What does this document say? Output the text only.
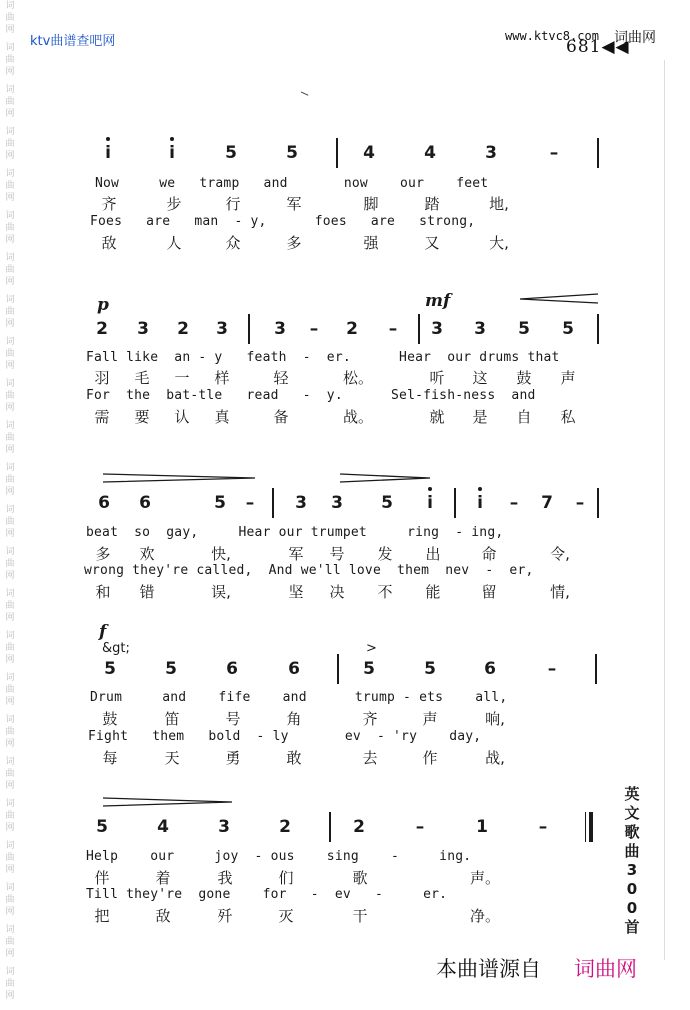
词
曲
网
词
曲
网
词
曲
网
词
曲
网
词
曲
网
词
曲
网
词
曲
网
词
曲
网
词
曲
网
词
曲
网
词
曲
网
词
曲
网
词
曲
网
词
曲
网
词
曲
网
词
曲
网
词
曲
网
词
曲
网
词
曲
网
词
曲
网
词
曲
网
词
曲
网
词
曲
网
词
曲
网
ktv曲谱查吧网	www.ktvc8.com 词曲网
681◀◀
i	i	5	5	4	4	3	–
Now     we   tramp   and       now    our    feet
齐	步	行	军	脚	踏	地,
Foes   are   man  - y,      foes   are   strong,
敌	人	众	多	强	又	大,
p	mf
2	3	2	3	3	–	2	–	3	3	5	5
Fall like  an - y   feath  -  er.      Hear  our drums that
羽	毛	一	样	轻	松。	听	这	鼓	声
For  the  bat-tle   read   -  y.      Sel-fish-ness  and
需	要	认	真	备	战。	就	是	自	私
6	6	5	–	3	3	5	i	i	–	7	–
beat  so  gay,     Hear our trumpet     ring  - ing,
多	欢	快,	军	号	发	出	命	令,
wrong they're called,  And we'll love  them  nev  -  er,
和	错	误,	坚	决	不	能	留	情,
f
&gt;	>
5	5	6	6	5	5	6	–
Drum     and    fife    and      trump - ets    all,
鼓	笛	号	角	齐	声	响,
Fight   them   bold  - ly       ev  - 'ry    day,
每	天	勇	敢	去	作	战,
5	4	3	2	2	–	1	–
Help    our     joy  - ous    sing    -     ing.
伴	着	我	们	歌	声。
Till they're  gone    for   -  ev   -     er.
把	敌	歼	灭	干	净。
英
文
歌
曲
3
0
0
首
本曲谱源自 词曲网
